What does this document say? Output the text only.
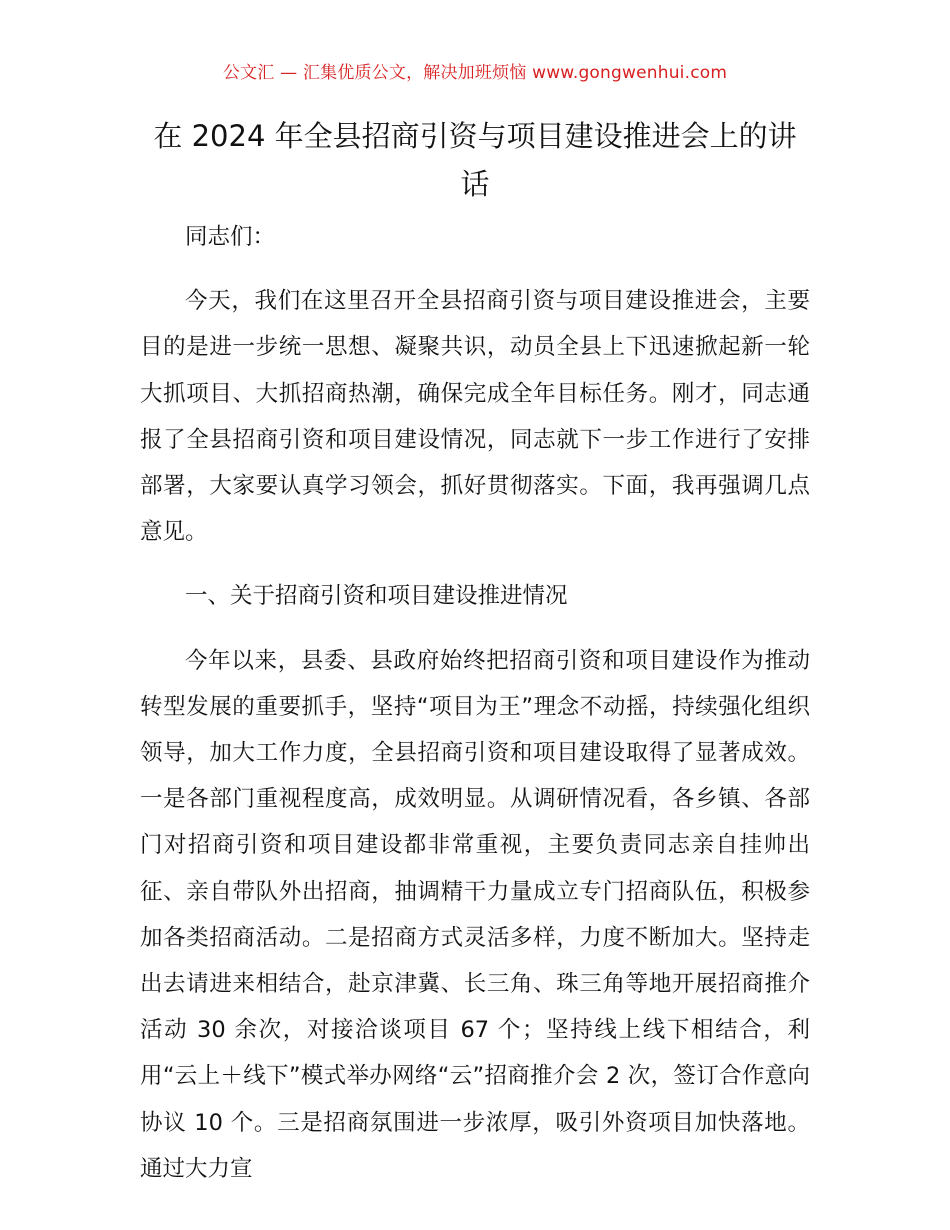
公文汇 — 汇集优质公文，解决加班烦恼 www.gongwenhui.com
在 2024 年全县招商引资与项目建设推进会上的讲话

同志们：

今天，我们在这里召开全县招商引资与项目建设推进会，主要目的是进一步统一思想、凝聚共识，动员全县上下迅速掀起新一轮大抓项目、大抓招商热潮，确保完成全年目标任务。刚才，同志通报了全县招商引资和项目建设情况，同志就下一步工作进行了安排部署，大家要认真学习领会，抓好贯彻落实。下面，我再强调几点意见。

一、关于招商引资和项目建设推进情况

今年以来，县委、县政府始终把招商引资和项目建设作为推动转型发展的重要抓手，坚持“项目为王”理念不动摇，持续强化组织领导，加大工作力度，全县招商引资和项目建设取得了显著成效。一是各部门重视程度高，成效明显。从调研情况看，各乡镇、各部门对招商引资和项目建设都非常重视，主要负责同志亲自挂帅出征、亲自带队外出招商，抽调精干力量成立专门招商队伍，积极参加各类招商活动。二是招商方式灵活多样，力度不断加大。坚持走出去请进来相结合，赴京津冀、长三角、珠三角等地开展招商推介活动 30 余次，对接洽谈项目 67 个；坚持线上线下相结合，利用“云上＋线下”模式举办网络“云”招商推介会 2 次，签订合作意向协议 10 个。三是招商氛围进一步浓厚，吸引外资项目加快落地。通过大力宣
